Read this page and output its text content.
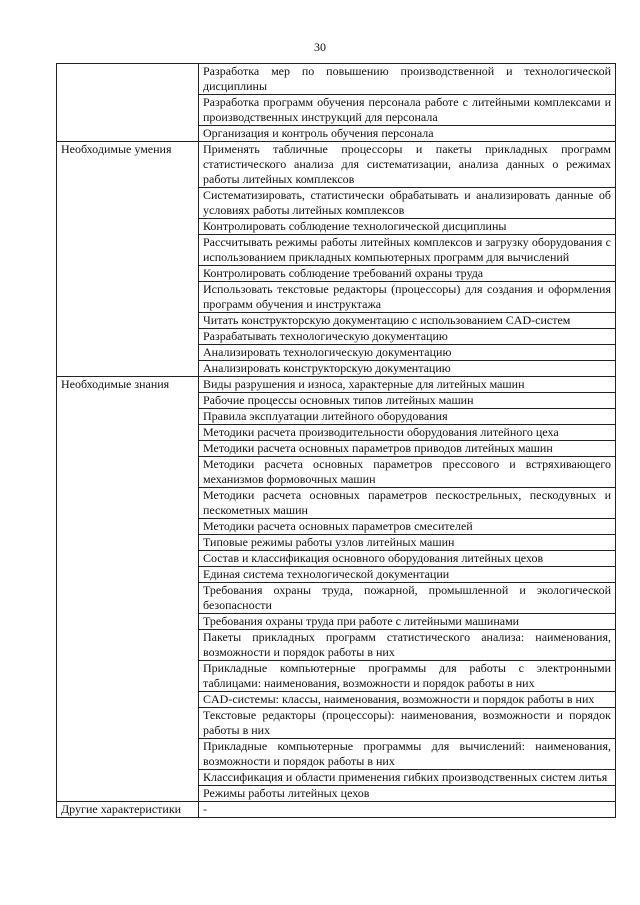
30
	Разработка мер по повышению производственной и технологической дисциплины
	Разработка программ обучения персонала работе с литейными комплексами и производственных инструкций для персонала
	Организация и контроль обучения персонала
Необходимые умения	Применять табличные процессоры и пакеты прикладных программ статистического анализа для систематизации, анализа данных о режимах работы литейных комплексов
	Систематизировать, статистически обрабатывать и анализировать данные об условиях работы литейных комплексов
	Контролировать соблюдение технологической дисциплины
	Рассчитывать режимы работы литейных комплексов и загрузку оборудования с использованием прикладных компьютерных программ для вычислений
	Контролировать соблюдение требований охраны труда
	Использовать текстовые редакторы (процессоры) для создания и оформления программ обучения и инструктажа
	Читать конструкторскую документацию с использованием CAD-систем
	Разрабатывать технологическую документацию
	Анализировать технологическую документацию
	Анализировать конструкторскую документацию
Необходимые знания	Виды разрушения и износа, характерные для литейных машин
	Рабочие процессы основных типов литейных машин
	Правила эксплуатации литейного оборудования
	Методики расчета производительности оборудования литейного цеха
	Методики расчета основных параметров приводов литейных машин
	Методики расчета основных параметров прессового и встряхивающего механизмов формовочных машин
	Методики расчета основных параметров пескострельных, пескодувных и пескометных машин
	Методики расчета основных параметров смесителей
	Типовые режимы работы узлов литейных машин
	Состав и классификация основного оборудования литейных цехов
	Единая система технологической документации
	Требования охраны труда, пожарной, промышленной и экологической безопасности
	Требования охраны труда при работе с литейными машинами
	Пакеты прикладных программ статистического анализа: наименования, возможности и порядок работы в них
	Прикладные компьютерные программы для работы с электронными таблицами: наименования, возможности и порядок работы в них
	CAD-системы: классы, наименования, возможности и порядок работы в них
	Текстовые редакторы (процессоры): наименования, возможности и порядок работы в них
	Прикладные компьютерные программы для вычислений: наименования, возможности и порядок работы в них
	Классификация и области применения гибких производственных систем литья
	Режимы работы литейных цехов
Другие характеристики	-
